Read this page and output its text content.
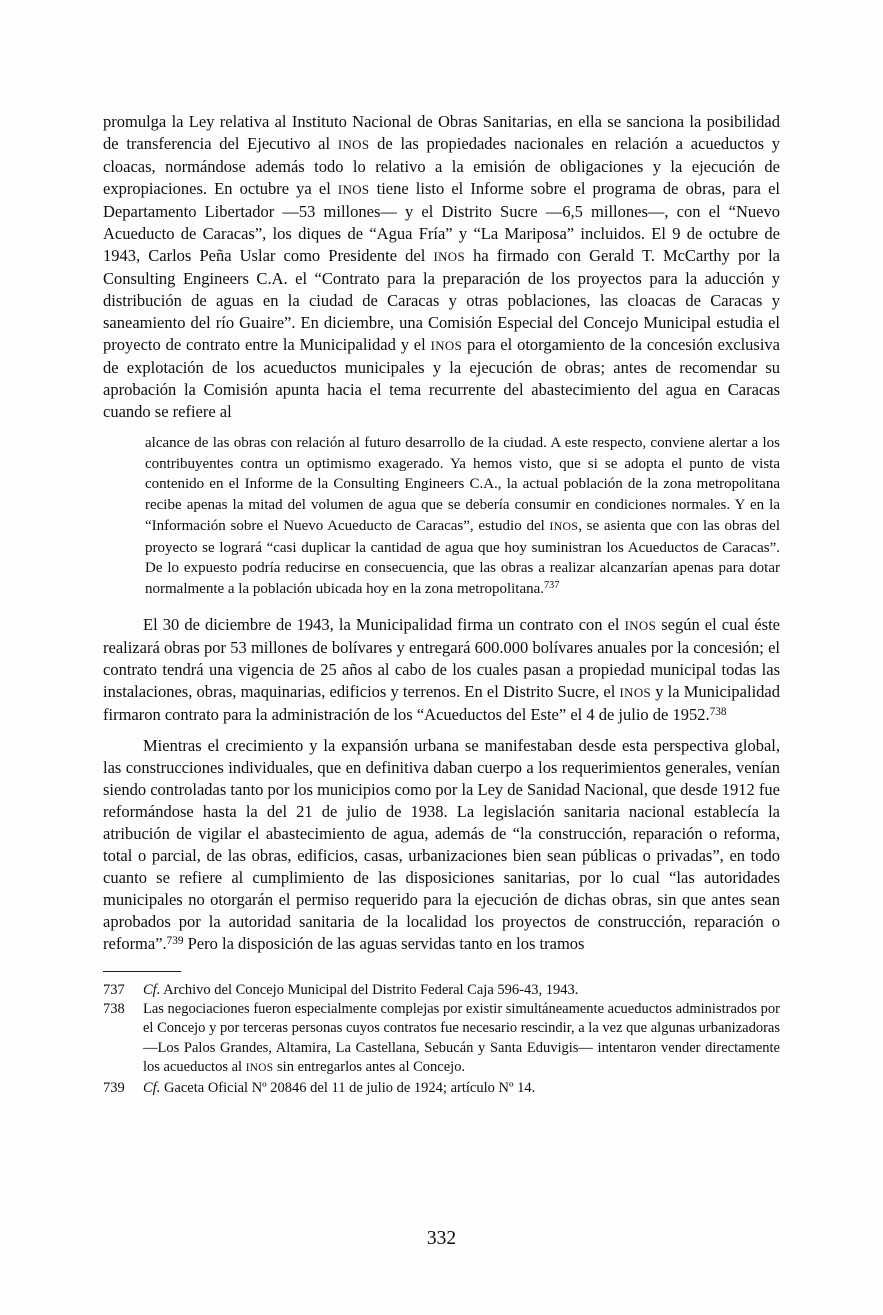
promulga la Ley relativa al Instituto Nacional de Obras Sanitarias, en ella se sanciona la posibilidad de transferencia del Ejecutivo al INOS de las propiedades nacionales en relación a acueductos y cloacas, normándose además todo lo relativo a la emisión de obligaciones y la ejecución de expropiaciones. En octubre ya el INOS tiene listo el Informe sobre el programa de obras, para el Departamento Libertador —53 millones— y el Distrito Sucre —6,5 millones—, con el “Nuevo Acueducto de Caracas”, los diques de “Agua Fría” y “La Mariposa” incluidos. El 9 de octubre de 1943, Carlos Peña Uslar como Presidente del INOS ha firmado con Gerald T. McCarthy por la Consulting Engineers C.A. el “Contrato para la preparación de los proyectos para la aducción y distribución de aguas en la ciudad de Caracas y otras poblaciones, las cloacas de Caracas y saneamiento del río Guaire”. En diciembre, una Comisión Especial del Concejo Municipal estudia el proyecto de contrato entre la Municipalidad y el INOS para el otorgamiento de la concesión exclusiva de explotación de los acueductos municipales y la ejecución de obras; antes de recomendar su aprobación la Comisión apunta hacia el tema recurrente del abastecimiento del agua en Caracas cuando se refiere al

alcance de las obras con relación al futuro desarrollo de la ciudad. A este respecto, conviene alertar a los contribuyentes contra un optimismo exagerado. Ya hemos visto, que si se adopta el punto de vista contenido en el Informe de la Consulting Engineers C.A., la actual población de la zona metropolitana recibe apenas la mitad del volumen de agua que se debería consumir en condiciones normales. Y en la “Información sobre el Nuevo Acueducto de Caracas”, estudio del INOS, se asienta que con las obras del proyecto se logrará “casi duplicar la cantidad de agua que hoy suministran los Acueductos de Caracas”. De lo expuesto podría reducirse en consecuencia, que las obras a realizar alcanzarían apenas para dotar normalmente a la población ubicada hoy en la zona metropolitana.$^{737}$

El 30 de diciembre de 1943, la Municipalidad firma un contrato con el INOS según el cual éste realizará obras por 53 millones de bolívares y entregará 600.000 bolívares anuales por la concesión; el contrato tendrá una vigencia de 25 años al cabo de los cuales pasan a propiedad municipal todas las instalaciones, obras, maquinarias, edificios y terrenos. En el Distrito Sucre, el INOS y la Municipalidad firmaron contrato para la administración de los “Acueductos del Este” el 4 de julio de 1952.$^{738}$

Mientras el crecimiento y la expansión urbana se manifestaban desde esta perspectiva global, las construcciones individuales, que en definitiva daban cuerpo a los requerimientos generales, venían siendo controladas tanto por los municipios como por la Ley de Sanidad Nacional, que desde 1912 fue reformándose hasta la del 21 de julio de 1938. La legislación sanitaria nacional establecía la atribución de vigilar el abastecimiento de agua, además de “la construcción, reparación o reforma, total o parcial, de las obras, edificios, casas, urbanizaciones bien sean públicas o privadas”, en todo cuanto se refiere al cumplimiento de las disposiciones sanitarias, por lo cual “las autoridades municipales no otorgarán el permiso requerido para la ejecución de dichas obras, sin que antes sean aprobados por la autoridad sanitaria de la localidad los proyectos de construcción, reparación o reforma”.$^{739}$ Pero la disposición de las aguas servidas tanto en los tramos

737	Cf. Archivo del Concejo Municipal del Distrito Federal Caja 596-43, 1943.
738	Las negociaciones fueron especialmente complejas por existir simultáneamente acueductos administrados por el Concejo y por terceras personas cuyos contratos fue necesario rescindir, a la vez que algunas urbanizadoras —Los Palos Grandes, Altamira, La Castellana, Sebucán y Santa Eduvigis— intentaron vender directamente los acueductos al INOS sin entregarlos antes al Concejo.
739	Cf. Gaceta Oficial Nº 20846 del 11 de julio de 1924; artículo Nº 14.
332
